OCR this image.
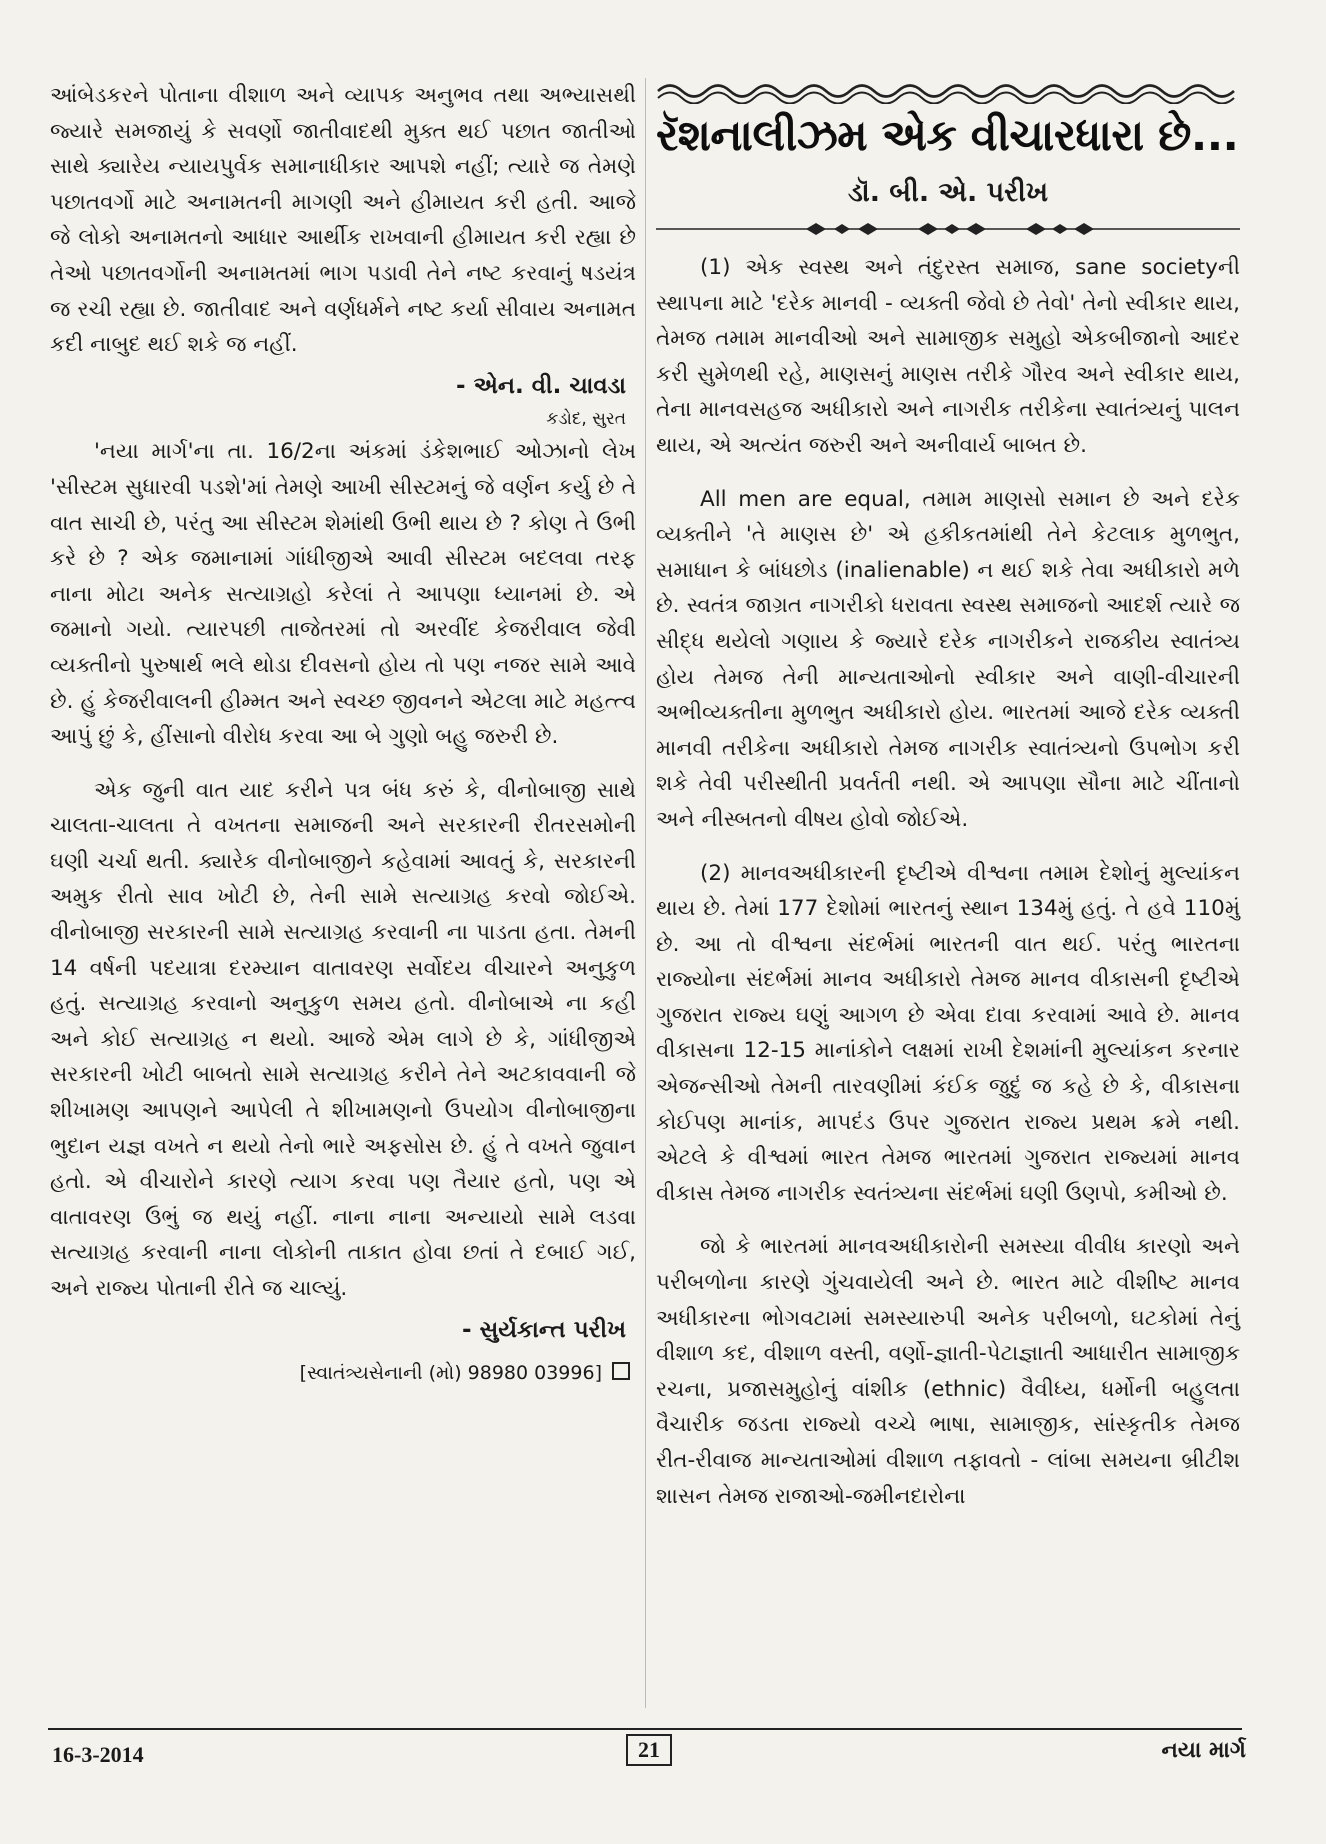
આંબેડકરને પોતાના વીશાળ અને વ્યાપક અનુભવ તથા અભ્યાસથી જ્યારે સમજાયું કે સવર્ણો જાતીવાદથી મુક્ત થઈ પછાત જાતીઓ સાથે ક્યારેય ન્યાયપુર્વક સમાનાધીકાર આપશે નહીં; ત્યારે જ તેમણે પછાતવર્ગો માટે અનામતની માગણી અને હીમાયત કરી હતી. આજે જે લોકો અનામતનો આધાર આર્થીક રાખવાની હીમાયત કરી રહ્યા છે તેઓ પછાતવર્ગોની અનામતમાં ભાગ પડાવી તેને નષ્ટ કરવાનું ષડયંત્ર જ રચી રહ્યા છે. જાતીવાદ અને વર્ણધર્મને નષ્ટ કર્યા સીવાય અનામત કદી નાબુદ થઈ શકે જ નહીં.

- એન. વી. ચાવડા

કડોદ, સુરત

'નયા માર્ગ'ના તા. 16/2ના અંકમાં ડંકેશભાઈ ઓઝાનો લેખ 'સીસ્ટમ સુધારવી પડશે'માં તેમણે આખી સીસ્ટમનું જે વર્ણન કર્યુ છે તે વાત સાચી છે, પરંતુ આ સીસ્ટમ શેમાંથી ઉભી થાય છે ? કોણ તે ઉભી કરે છે ? એક જમાનામાં ગાંધીજીએ આવી સીસ્ટમ બદલવા તરફ નાના મોટા અનેક સત્યાગ્રહો કરેલાં તે આપણા ધ્યાનમાં છે. એ જમાનો ગયો. ત્યારપછી તાજેતરમાં તો અરવીંદ કેજરીવાલ જેવી વ્યક્તીનો પુરુષાર્થ ભલે થોડા દીવસનો હોય તો પણ નજર સામે આવે છે. હું કેજરીવાલની હીમ્મત અને સ્વચ્છ જીવનને એટલા માટે મહત્ત્વ આપું છું કે, હીંસાનો વીરોધ કરવા આ બે ગુણો બહુ જરુરી છે.

એક જુની વાત યાદ કરીને પત્ર બંધ કરું કે, વીનોબાજી સાથે ચાલતા-ચાલતા તે વખતના સમાજની અને સરકારની રીતરસમોની ઘણી ચર્ચા થતી. ક્યારેક વીનોબાજીને કહેવામાં આવતું કે, સરકારની અમુક રીતો સાવ ખોટી છે, તેની સામે સત્યાગ્રહ કરવો જોઈએ. વીનોબાજી સરકારની સામે સત્યાગ્રહ કરવાની ના પાડતા હતા. તેમની 14 વર્ષની પદયાત્રા દરમ્યાન વાતાવરણ સર્વોદય વીચારને અનુકુળ હતું. સત્યાગ્રહ કરવાનો અનુકુળ સમય હતો. વીનોબાએ ના કહી અને કોઈ સત્યાગ્રહ ન થયો. આજે એમ લાગે છે કે, ગાંધીજીએ સરકારની ખોટી બાબતો સામે સત્યાગ્રહ કરીને તેને અટકાવવાની જે શીખામણ આપણને આપેલી તે શીખામણનો ઉપયોગ વીનોબાજીના ભુદાન યજ્ઞ વખતે ન થયો તેનો ભારે અફસોસ છે. હું તે વખતે જુવાન હતો. એ વીચારોને કારણે ત્યાગ કરવા પણ તૈયાર હતો, પણ એ વાતાવરણ ઉભું જ થયું નહીં. નાના નાના અન્યાયો સામે લડવા સત્યાગ્રહ કરવાની નાના લોકોની તાકાત હોવા છતાં તે દબાઈ ગઈ, અને રાજ્ય પોતાની રીતે જ ચાલ્યું.

- સુર્યકાન્ત પરીખ

[સ્વાતંત્ર્યસેનાની (મો) 98980 03996]

રૅશનાલીઝમ એક વીચારધારા છે...

ડૉ. બી. એ. પરીખ

(1) એક સ્વસ્થ અને તંદુરસ્ત સમાજ, sane societyની સ્થાપના માટે 'દરેક માનવી - વ્યક્તી જેવો છે તેવો' તેનો સ્વીકાર થાય, તેમજ તમામ માનવીઓ અને સામાજીક સમુહો એકબીજાનો આદર કરી સુમેળથી રહે, માણસનું માણસ તરીકે ગૌરવ અને સ્વીકાર થાય, તેના માનવસહજ અધીકારો અને નાગરીક તરીકેના સ્વાતંત્ર્યનું પાલન થાય, એ અત્યંત જરુરી અને અનીવાર્ય બાબત છે.

All men are equal, તમામ માણસો સમાન છે અને દરેક વ્યક્તીને 'તે માણસ છે' એ હકીકતમાંથી તેને કેટલાક મુળભુત, સમાધાન કે બાંધછોડ (inalienable) ન થઈ શકે તેવા અધીકારો મળે છે. સ્વતંત્ર જાગ્રત નાગરીકો ધરાવતા સ્વસ્થ સમાજનો આદર્શ ત્યારે જ સીદ્ધ થયેલો ગણાય કે જ્યારે દરેક નાગરીકને રાજકીય સ્વાતંત્ર્ય હોય તેમજ તેની માન્યતાઓનો સ્વીકાર અને વાણી-વીચારની અભીવ્યક્તીના મુળભુત અધીકારો હોય. ભારતમાં આજે દરેક વ્યક્તી માનવી તરીકેના અધીકારો તેમજ નાગરીક સ્વાતંત્ર્યનો ઉપભોગ કરી શકે તેવી પરીસ્થીતી પ્રવર્તતી નથી. એ આપણા સૌના માટે ચીંતાનો અને નીસ્બતનો વીષય હોવો જોઈએ.

(2) માનવઅધીકારની દૃષ્ટીએ વીશ્વના તમામ દેશોનું મુલ્યાંકન થાય છે. તેમાં 177 દેશોમાં ભારતનું સ્થાન 134મું હતું. તે હવે 110મું છે. આ તો વીશ્વના સંદર્ભમાં ભારતની વાત થઈ. પરંતુ ભારતના રાજ્યોના સંદર્ભમાં માનવ અધીકારો તેમજ માનવ વીકાસની દૃષ્ટીએ ગુજરાત રાજ્ય ઘણું આગળ છે એવા દાવા કરવામાં આવે છે. માનવ વીકાસના 12-15 માનાંકોને લક્ષમાં રાખી દેશમાંની મુલ્યાંકન કરનાર એજન્સીઓ તેમની તારવણીમાં કંઈક જુદું જ કહે છે કે, વીકાસના કોઈપણ માનાંક, માપદંડ ઉપર ગુજરાત રાજ્ય પ્રથમ ક્રમે નથી. એટલે કે વીશ્વમાં ભારત તેમજ ભારતમાં ગુજરાત રાજ્યમાં માનવ વીકાસ તેમજ નાગરીક સ્વતંત્ર્યના સંદર્ભમાં ઘણી ઉણપો, કમીઓ છે.

જો કે ભારતમાં માનવઅધીકારોની સમસ્યા વીવીધ કારણો અને પરીબળોના કારણે ગુંચવાયેલી અને છે. ભારત માટે વીશીષ્ટ માનવ અધીકારના ભોગવટામાં સમસ્યારુપી અનેક પરીબળો, ઘટકોમાં તેનું વીશાળ કદ, વીશાળ વસ્તી, વર્ણો-જ્ઞાતી-પેટાજ્ઞાતી આધારીત સામાજીક રચના, પ્રજાસમુહોનું વાંશીક (ethnic) વૈવીધ્ય, ધર્મોની બહુલતા વૈચારીક જડતા રાજ્યો વચ્ચે ભાષા, સામાજીક, સાંસ્કૃતીક તેમજ રીત-રીવાજ માન્યતાઓમાં વીશાળ તફાવતો - લાંબા સમયના બ્રીટીશ શાસન તેમજ રાજાઓ-જમીનદારોના

16-3-2014	21	નયા માર્ગ
